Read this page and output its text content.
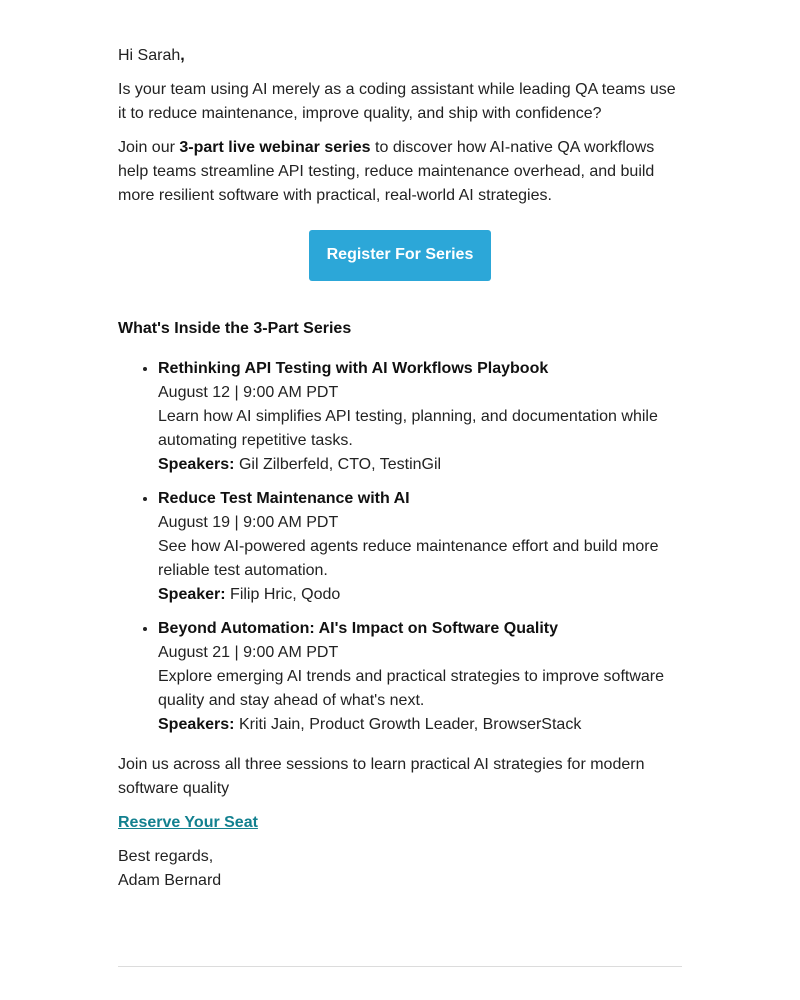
Hi Sarah,

Is your team using AI merely as a coding assistant while leading QA teams use it to reduce maintenance, improve quality, and ship with confidence?

Join our 3-part live webinar series to discover how AI-native QA workflows help teams streamline API testing, reduce maintenance overhead, and build more resilient software with practical, real-world AI strategies.

Register For Series

What's Inside the 3-Part Series

• Rethinking API Testing with AI Workflows Playbook
August 12 | 9:00 AM PDT
Learn how AI simplifies API testing, planning, and documentation while automating repetitive tasks.
Speakers: Gil Zilberfeld, CTO, TestinGil
• Reduce Test Maintenance with AI
August 19 | 9:00 AM PDT
See how AI-powered agents reduce maintenance effort and build more reliable test automation.
Speaker: Filip Hric, Qodo
• Beyond Automation: AI's Impact on Software Quality
August 21 | 9:00 AM PDT
Explore emerging AI trends and practical strategies to improve software quality and stay ahead of what's next.
Speakers: Kriti Jain, Product Growth Leader, BrowserStack

Join us across all three sessions to learn practical AI strategies for modern software quality

Reserve Your Seat

Best regards,
Adam Bernard
